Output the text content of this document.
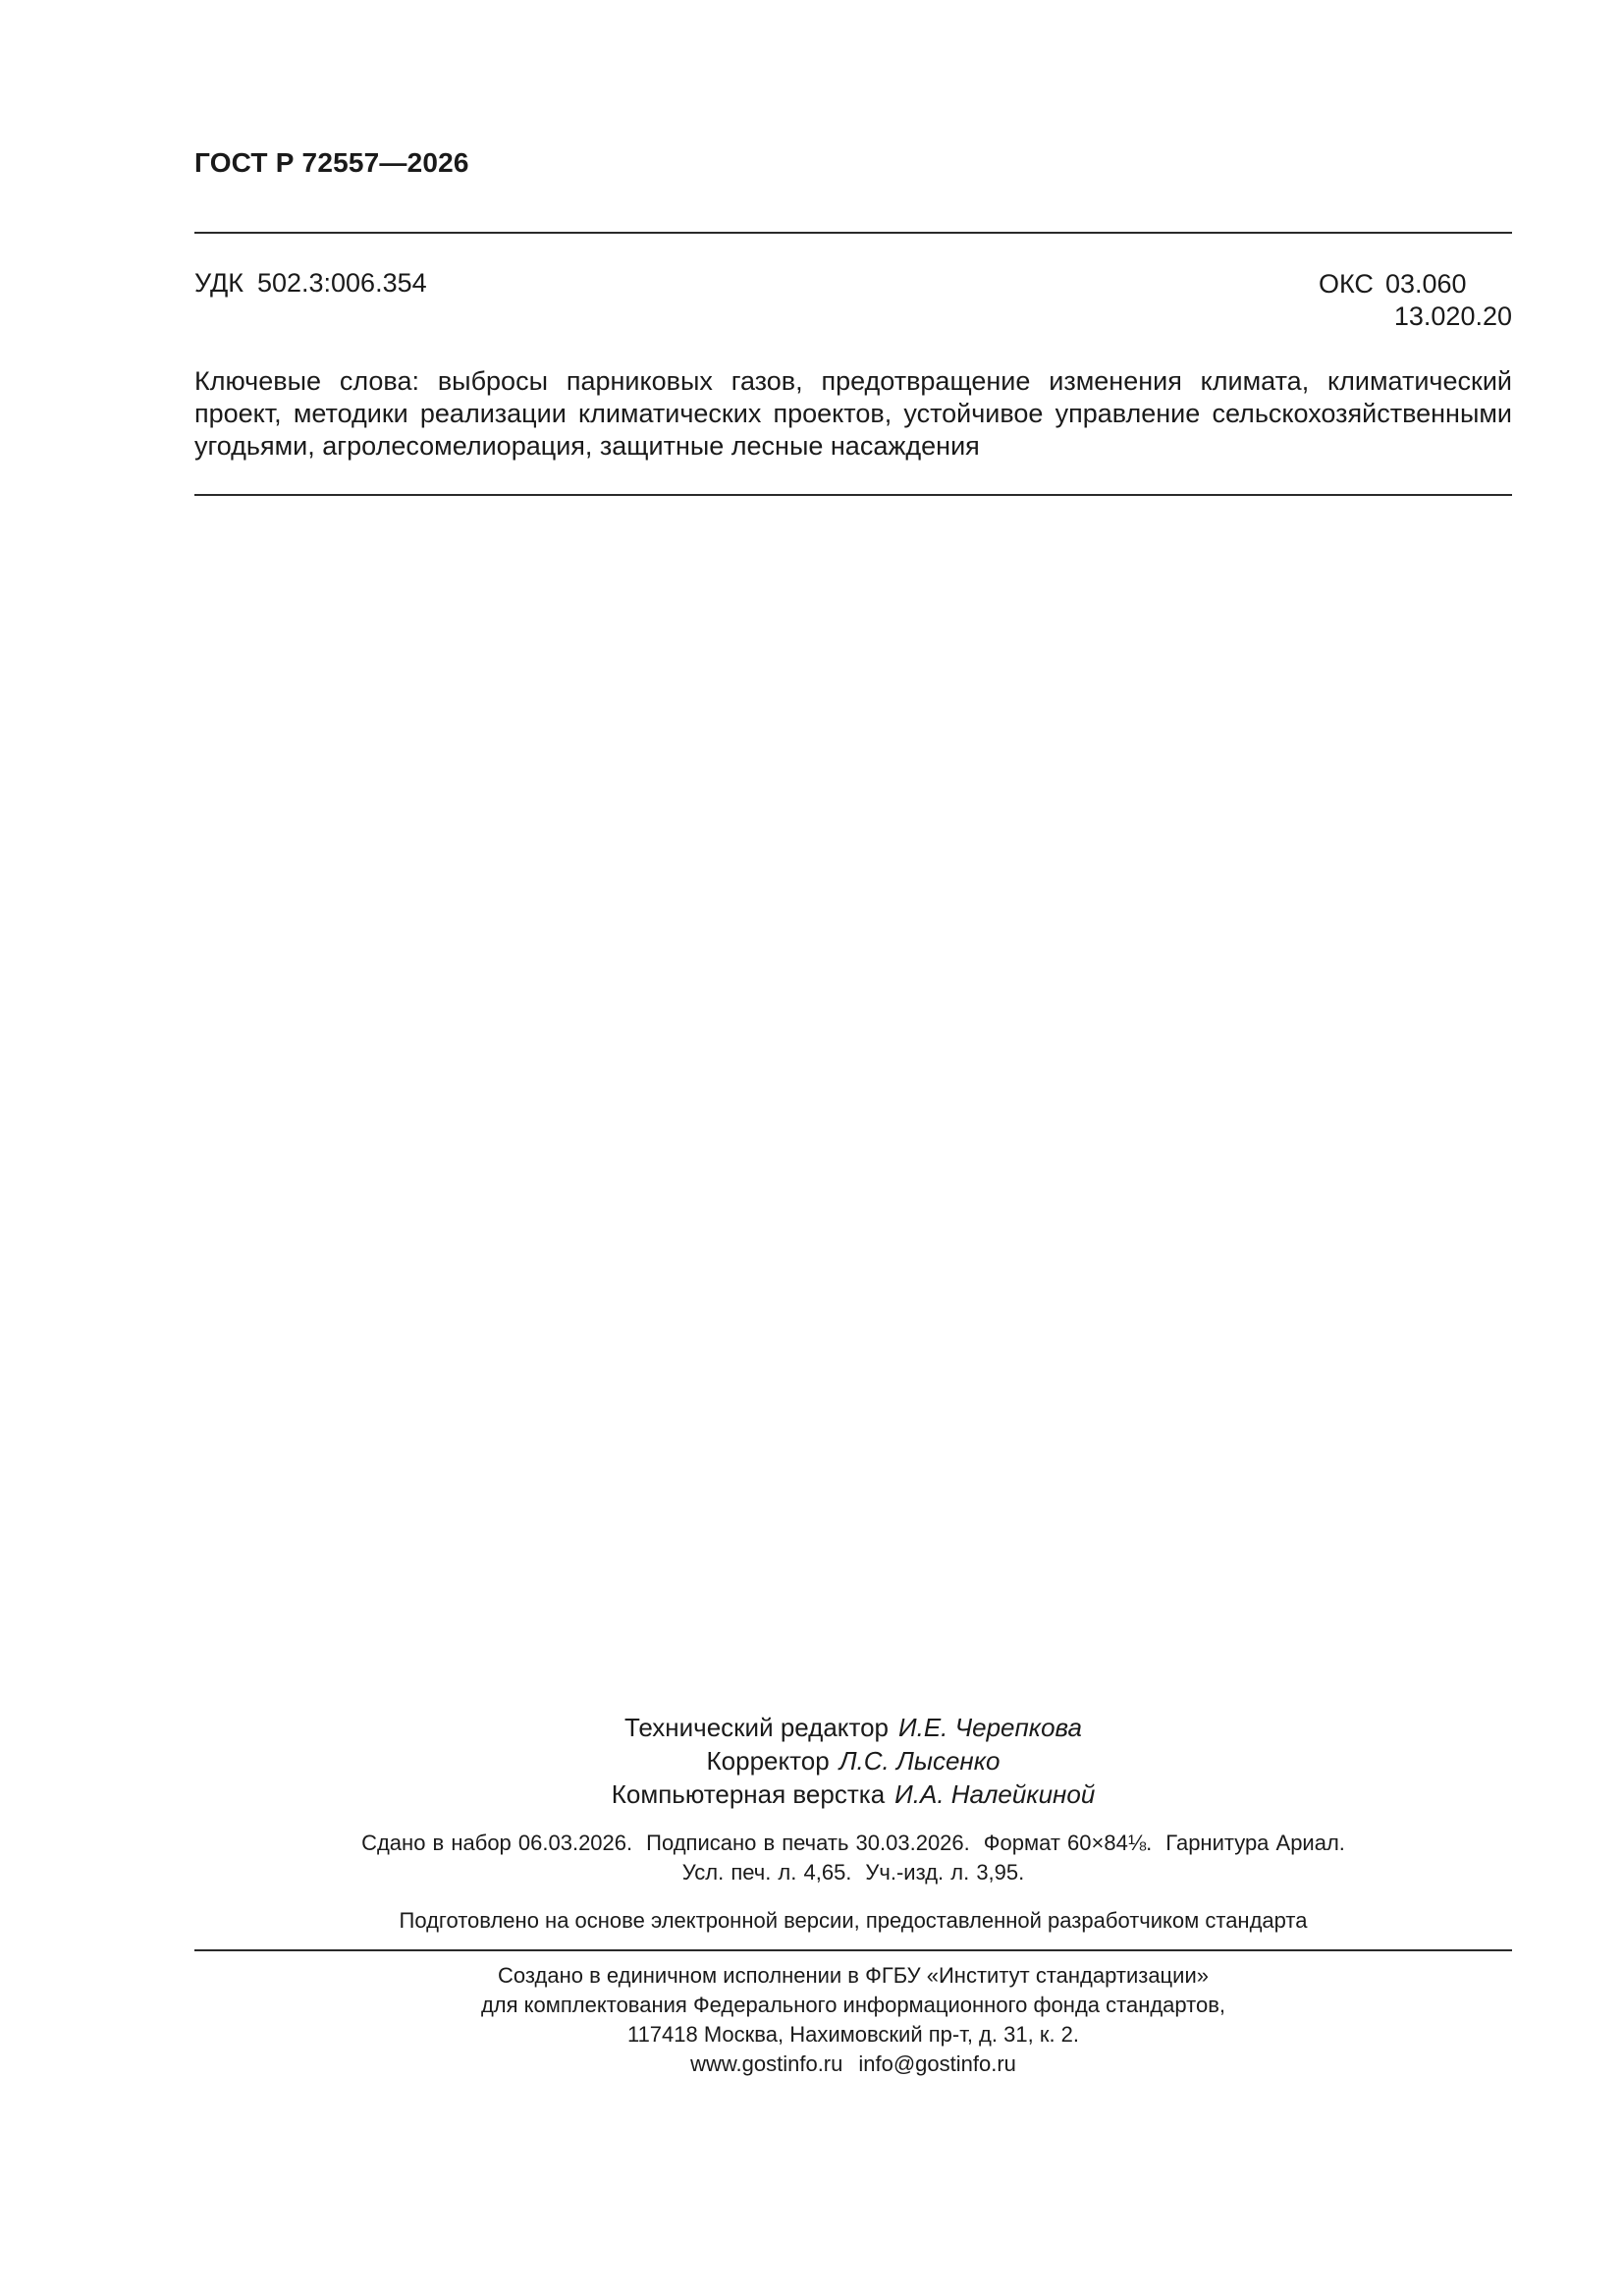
ГОСТ Р 72557—2026
УДК 502.3:006.354	ОКС 03.060
13.020.20
Ключевые слова: выбросы парниковых газов, предотвращение изменения климата, климатический проект, методики реализации климатических проектов, устойчивое управление сельскохозяйственными угодьями, агролесомелиорация, защитные лесные насаждения
Технический редактор И.Е. Черепкова
Корректор Л.С. Лысенко
Компьютерная верстка И.А. Налейкиной
Сдано в набор 06.03.2026. Подписано в печать 30.03.2026. Формат 60×84⅛. Гарнитура Ариал.
Усл. печ. л. 4,65. Уч.-изд. л. 3,95.
Подготовлено на основе электронной версии, предоставленной разработчиком стандарта
Создано в единичном исполнении в ФГБУ «Институт стандартизации»
для комплектования Федерального информационного фонда стандартов,
117418 Москва, Нахимовский пр-т, д. 31, к. 2.
www.gostinfo.ru info@gostinfo.ru
